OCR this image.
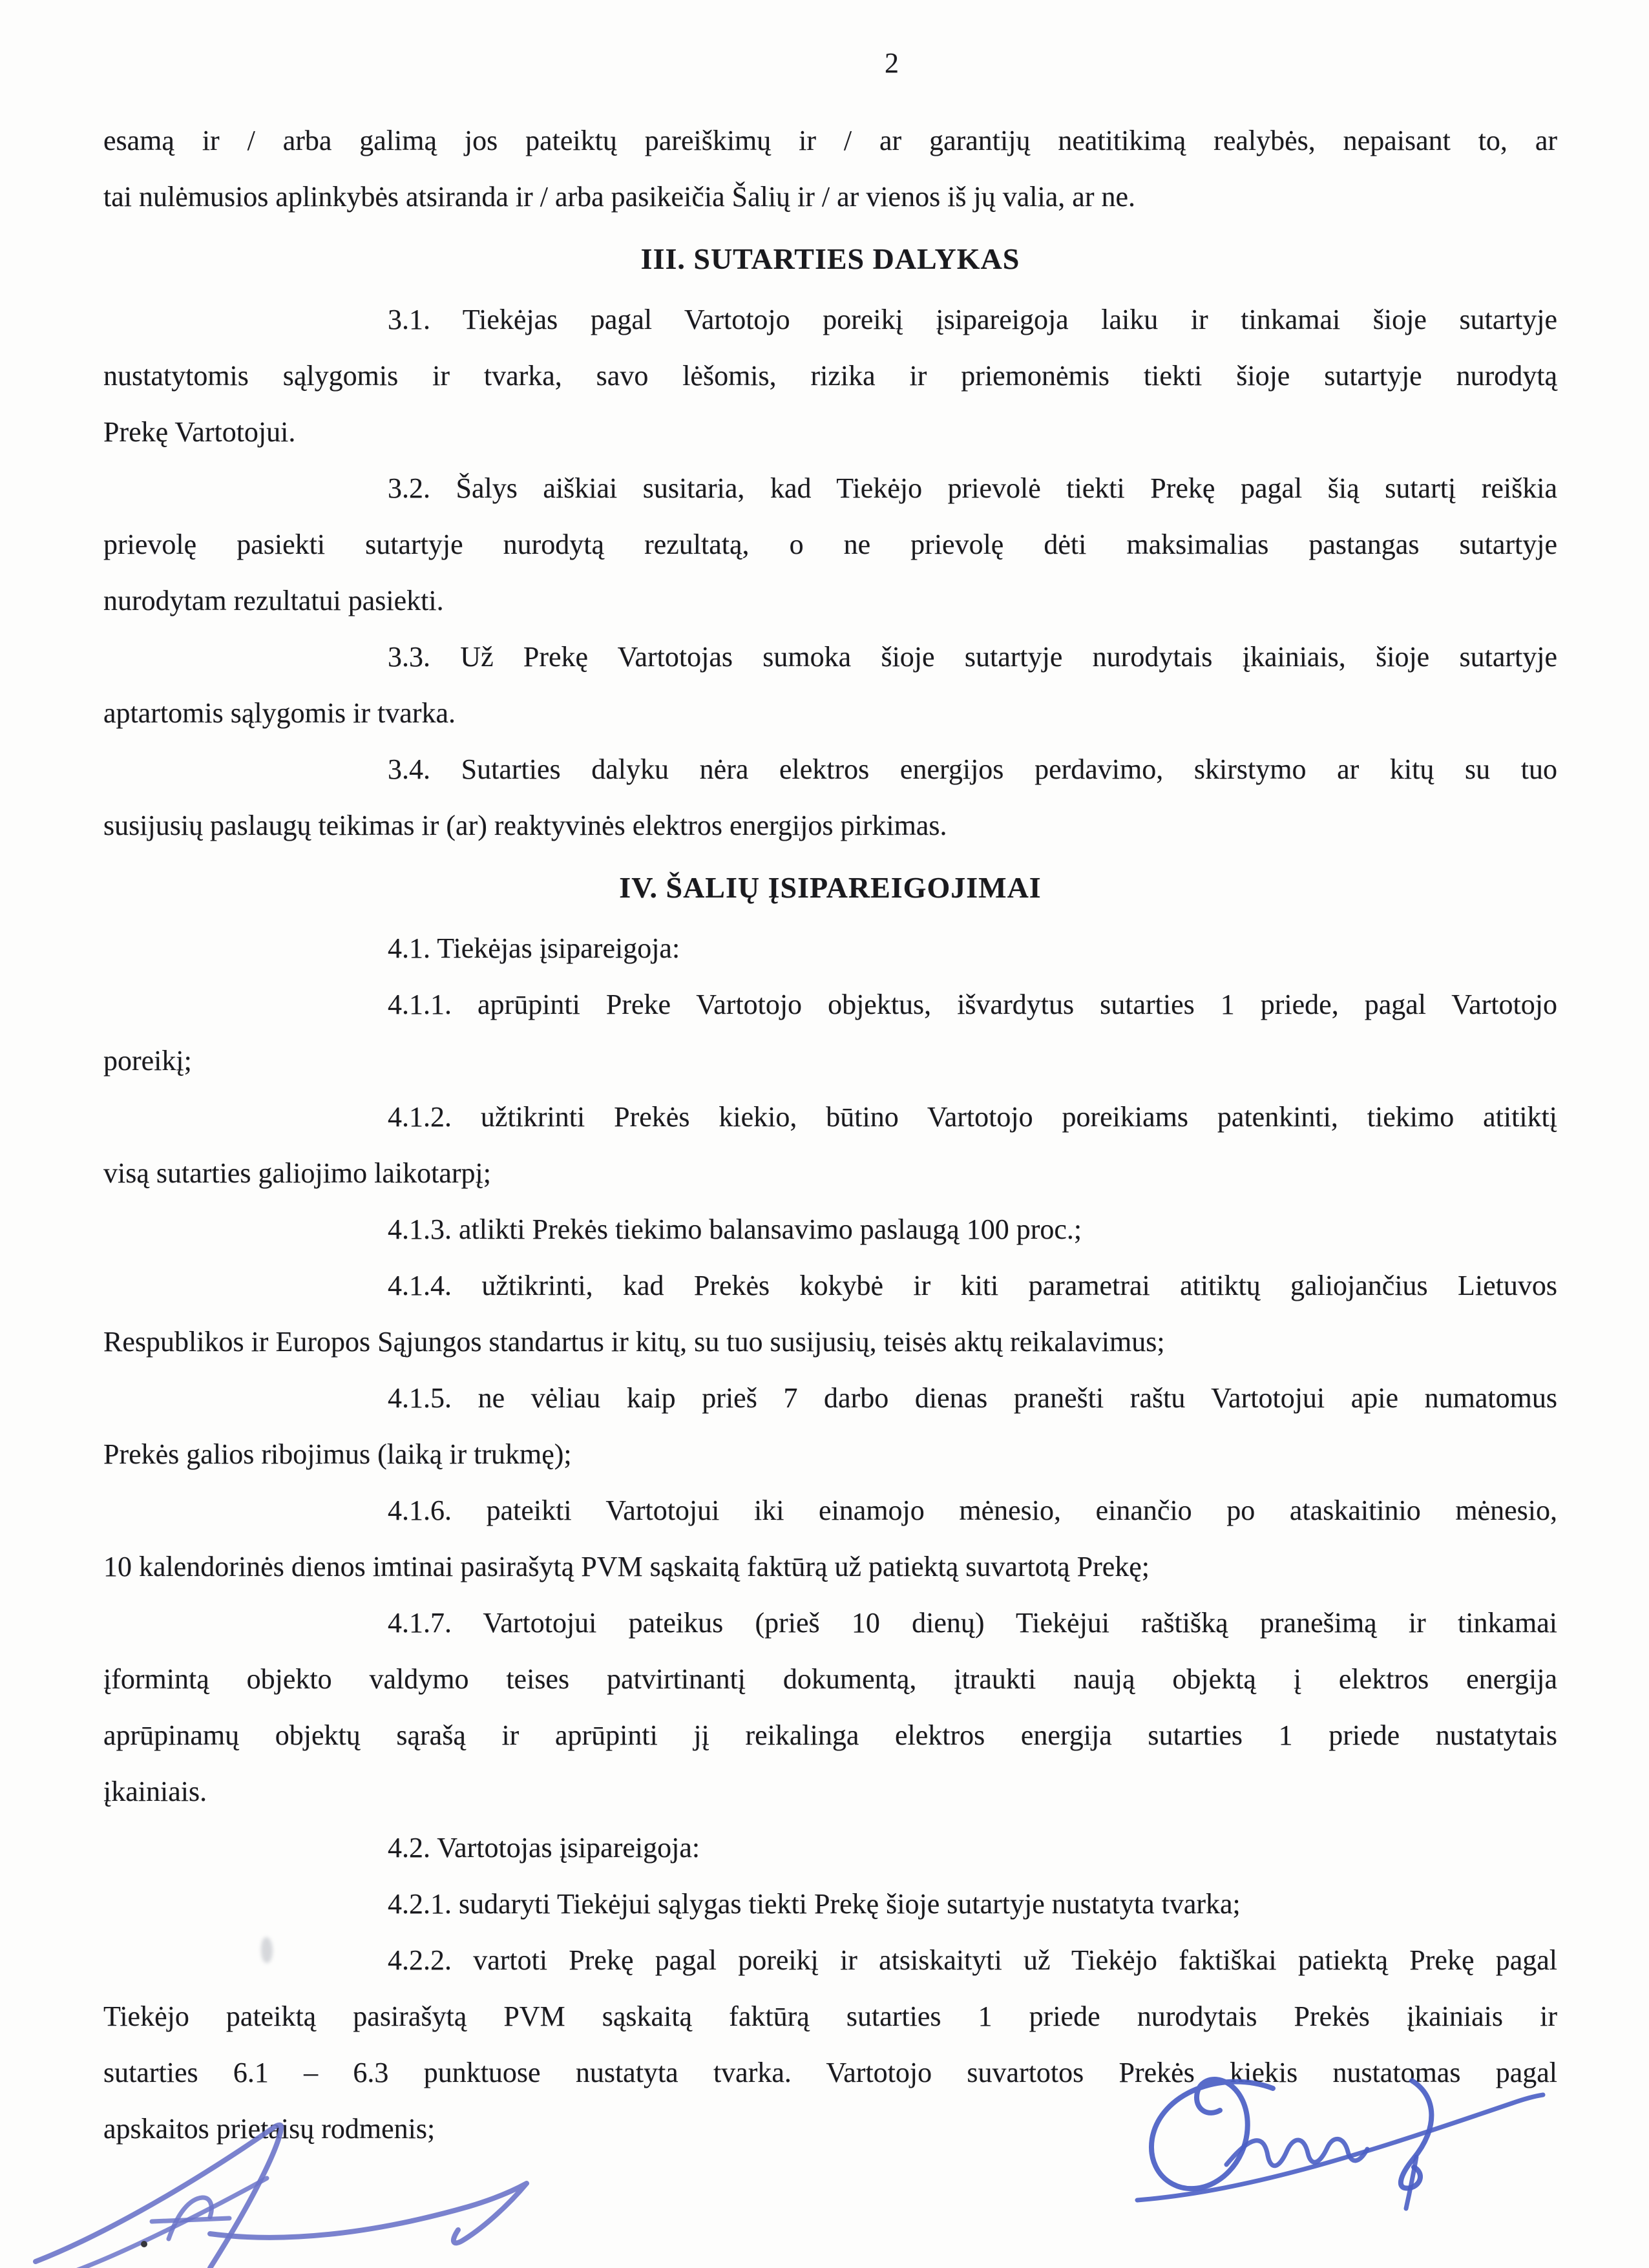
2
esamą ir / arba galimą jos pateiktų pareiškimų ir / ar garantijų neatitikimą realybės, nepaisant to, ar
tai nulėmusios aplinkybės atsiranda ir / arba pasikeičia Šalių ir / ar vienos iš jų valia, ar ne.
III. SUTARTIES DALYKAS
3.1. Tiekėjas pagal Vartotojo poreikį įsipareigoja laiku ir tinkamai šioje sutartyje
nustatytomis sąlygomis ir tvarka, savo lėšomis, rizika ir priemonėmis tiekti šioje sutartyje nurodytą
Prekę Vartotojui.
3.2. Šalys aiškiai susitaria, kad Tiekėjo prievolė tiekti Prekę pagal šią sutartį reiškia
prievolę pasiekti sutartyje nurodytą rezultatą, o ne prievolę dėti maksimalias pastangas sutartyje
nurodytam rezultatui pasiekti.
3.3. Už Prekę Vartotojas sumoka šioje sutartyje nurodytais įkainiais, šioje sutartyje
aptartomis sąlygomis ir tvarka.
3.4. Sutarties dalyku nėra elektros energijos perdavimo, skirstymo ar kitų su tuo
susijusių paslaugų teikimas ir (ar) reaktyvinės elektros energijos pirkimas.
IV. ŠALIŲ ĮSIPAREIGOJIMAI
4.1. Tiekėjas įsipareigoja:
4.1.1. aprūpinti Preke Vartotojo objektus, išvardytus sutarties 1 priede, pagal Vartotojo
poreikį;
4.1.2. užtikrinti Prekės kiekio, būtino Vartotojo poreikiams patenkinti, tiekimo atitiktį
visą sutarties galiojimo laikotarpį;
4.1.3. atlikti Prekės tiekimo balansavimo paslaugą 100 proc.;
4.1.4. užtikrinti, kad Prekės kokybė ir kiti parametrai atitiktų galiojančius Lietuvos
Respublikos ir Europos Sąjungos standartus ir kitų, su tuo susijusių, teisės aktų reikalavimus;
4.1.5. ne vėliau kaip prieš 7 darbo dienas pranešti raštu Vartotojui apie numatomus
Prekės galios ribojimus (laiką ir trukmę);
4.1.6. pateikti Vartotojui iki einamojo mėnesio, einančio po ataskaitinio mėnesio,
10 kalendorinės dienos imtinai pasirašytą PVM sąskaitą faktūrą už patiektą suvartotą Prekę;
4.1.7. Vartotojui pateikus (prieš 10 dienų) Tiekėjui raštišką pranešimą ir tinkamai
įformintą objekto valdymo teises patvirtinantį dokumentą, įtraukti naują objektą į elektros energija
aprūpinamų objektų sąrašą ir aprūpinti jį reikalinga elektros energija sutarties 1 priede nustatytais
įkainiais.
4.2. Vartotojas įsipareigoja:
4.2.1. sudaryti Tiekėjui sąlygas tiekti Prekę šioje sutartyje nustatyta tvarka;
4.2.2. vartoti Prekę pagal poreikį ir atsiskaityti už Tiekėjo faktiškai patiektą Prekę pagal
Tiekėjo pateiktą pasirašytą PVM sąskaitą faktūrą sutarties 1 priede nurodytais Prekės įkainiais ir
sutarties 6.1 – 6.3 punktuose nustatyta tvarka. Vartotojo suvartotos Prekės kiekis nustatomas pagal
apskaitos prietaisų rodmenis;
